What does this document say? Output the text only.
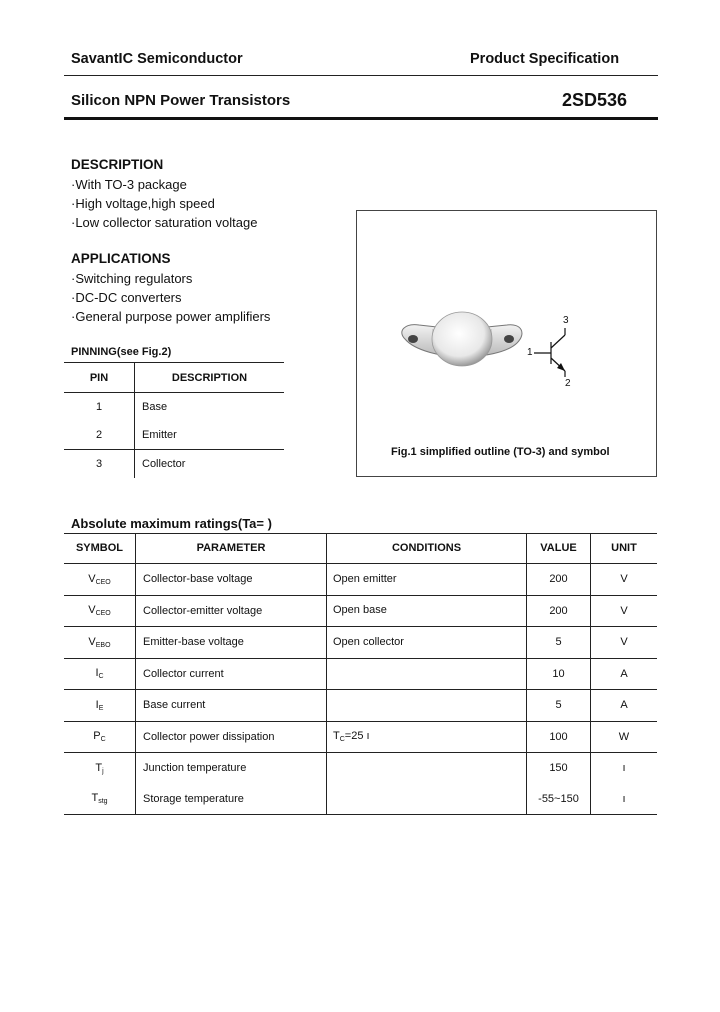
SavantIC Semiconductor	Product Specification
Silicon NPN Power Transistors	2SD536
DESCRIPTION
·With TO-3 package
·High voltage,high speed
·Low collector saturation voltage
APPLICATIONS
·Switching regulators
·DC-DC converters
·General purpose power amplifiers
PINNING(see Fig.2)
PIN	DESCRIPTION
1	Base
2	Emitter
3	Collector
1
3
2
Fig.1 simplified outline (TO-3) and symbol
Absolute maximum ratings(Ta= )
SYMBOL	PARAMETER	CONDITIONS	VALUE	UNIT
$V_{CEO}$	Collector-base voltage	Open emitter	200	V
$V_{CEO}$	Collector-emitter voltage	Open base	200	V
$V_{EBO}$	Emitter-base voltage	Open collector	5	V
$I_C$	Collector current		10	A
$I_E$	Base current		5	A
$P_C$	Collector power dissipation	$T_C=25$ ı	100	W
$T_j$	Junction temperature		150	ı
$T_{stg}$	Storage temperature		-55~150	ı
